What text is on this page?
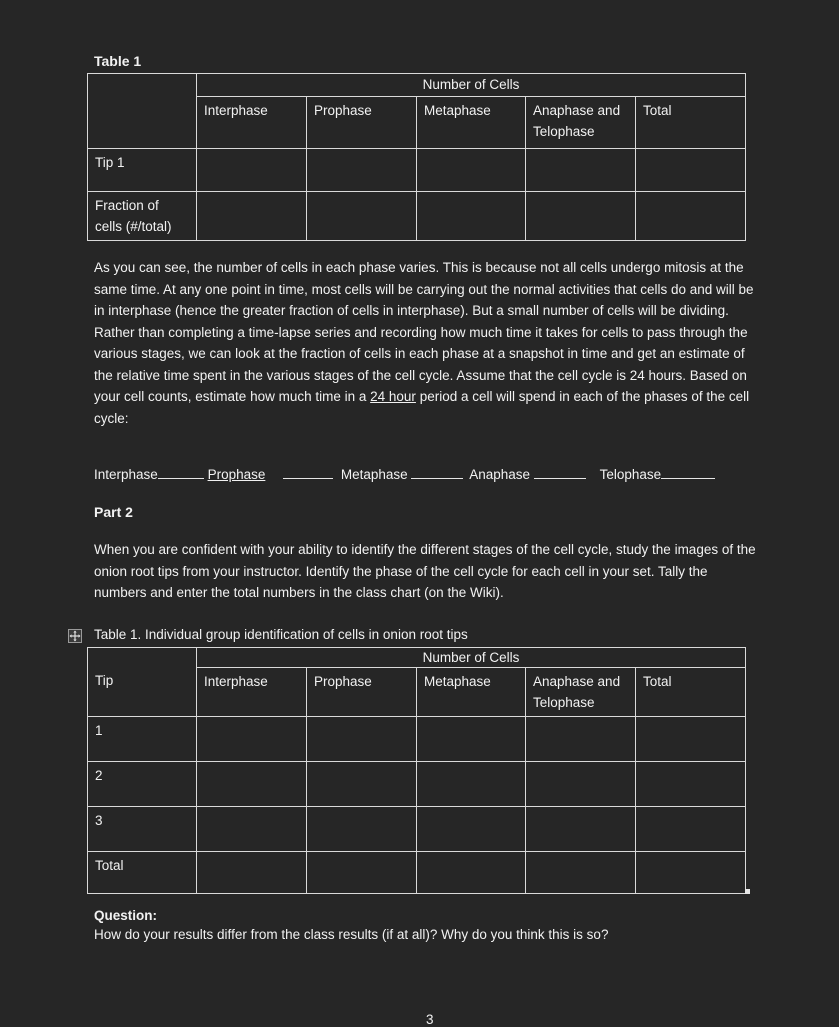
Table 1
	Number of Cells				
	Interphase	Prophase	Metaphase	Anaphase and Telophase	Total
Tip 1					
Fraction of cells (#/total)					
As you can see, the number of cells in each phase varies. This is because not all cells undergo mitosis at the same time. At any one point in time, most cells will be carrying out the normal activities that cells do and will be in interphase (hence the greater fraction of cells in interphase). But a small number of cells will be dividing. Rather than completing a time-lapse series and recording how much time it takes for cells to pass through the various stages, we can look at the fraction of cells in each phase at a snapshot in time and get an estimate of the relative time spent in the various stages of the cell cycle. Assume that the cell cycle is 24 hours. Based on your cell counts, estimate how much time in a 24 hour period a cell will spend in each of the phases of the cell cycle:
Interphase	Prophase	Metaphase	Anaphase	Telophase
Part 2
When you are confident with your ability to identify the different stages of the cell cycle, study the images of the onion root tips from your instructor. Identify the phase of the cell cycle for each cell in your set. Tally the numbers and enter the total numbers in the class chart (on the Wiki).
Table 1. Individual group identification of cells in onion root tips
Tip	Number of Cells				
	Interphase	Prophase	Metaphase	Anaphase and Telophase	Total
1					
2					
3					
Total					
Question:
How do your results differ from the class results (if at all)? Why do you think this is so?
3
